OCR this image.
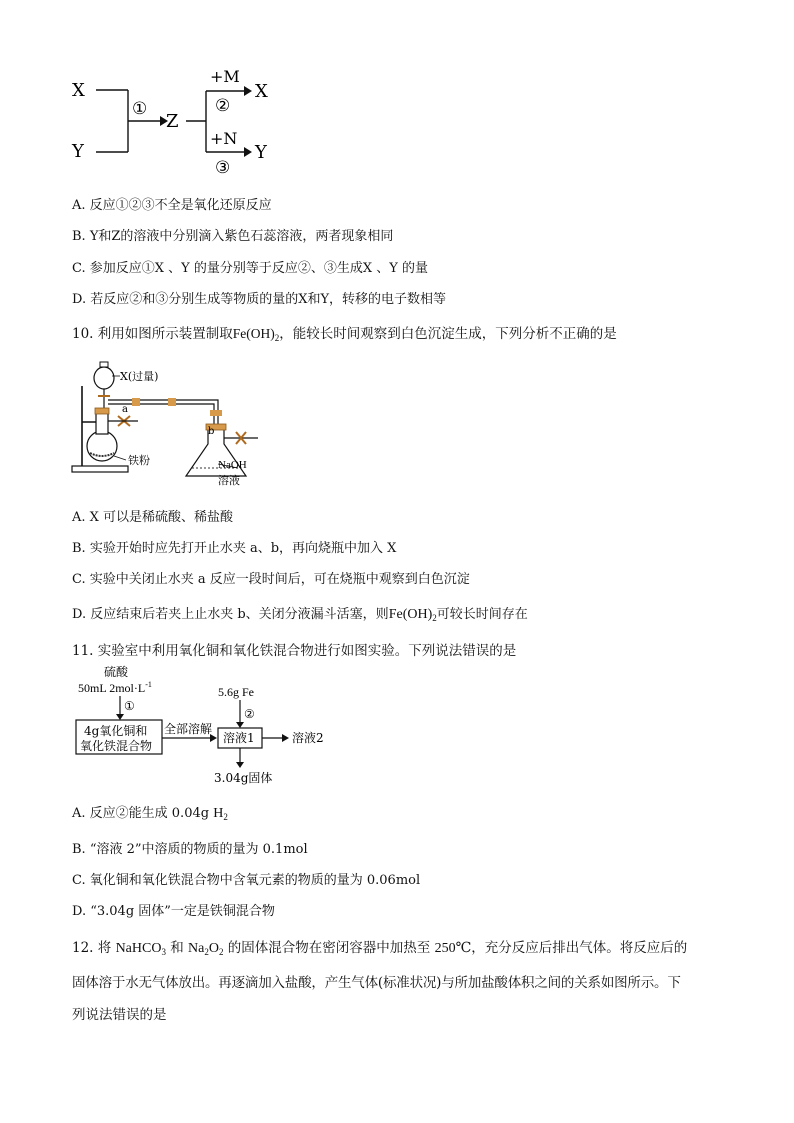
X
Y
①
Z
+M
②
X
+N
③
Y
A. 反应①②③不全是氧化还原反应
B. Y和Z的溶液中分别滴入紫色石蕊溶液，两者现象相同
C. 参加反应①X 、Y 的量分别等于反应②、③生成X 、Y 的量
D. 若反应②和③分别生成等物质的量的X和Y，转移的电子数相等
10. 利用如图所示装置制取$Fe(OH)_2$，能较长时间观察到白色沉淀生成，下列分析不正确的是
X(过量)
铁粉
a
b
NaOH
溶液
A. X 可以是稀硫酸、稀盐酸
B. 实验开始时应先打开止水夹 a、b，再向烧瓶中加入 X
C. 实验中关闭止水夹 a 反应一段时间后，可在烧瓶中观察到白色沉淀
D. 反应结束后若夹上止水夹 b、关闭分液漏斗活塞，则$Fe(OH)_2$可较长时间存在
11. 实验室中利用氧化铜和氧化铁混合物进行如图实验。下列说法错误的是
硫酸
50mL $2mol\cdot L^{-1}$
①
4g氧化铜和
氧化铁混合物
全部溶解
5.6g Fe
②
溶液1	溶液2
3.04g固体
A. 反应②能生成 0.04g $H_2$
B. “溶液 2”中溶质的物质的量为 0.1mol
C. 氧化铜和氧化铁混合物中含氧元素的物质的量为 0.06mol
D. “3.04g 固体”一定是铁铜混合物
12. 将 NaHCO$_3$ 和 $Na_2O_2$ 的固体混合物在密闭容器中加热至 250℃，充分反应后排出气体。将反应后的
固体溶于水无气体放出。再逐滴加入盐酸，产生气体(标准状况)与所加盐酸体积之间的关系如图所示。下
列说法错误的是
